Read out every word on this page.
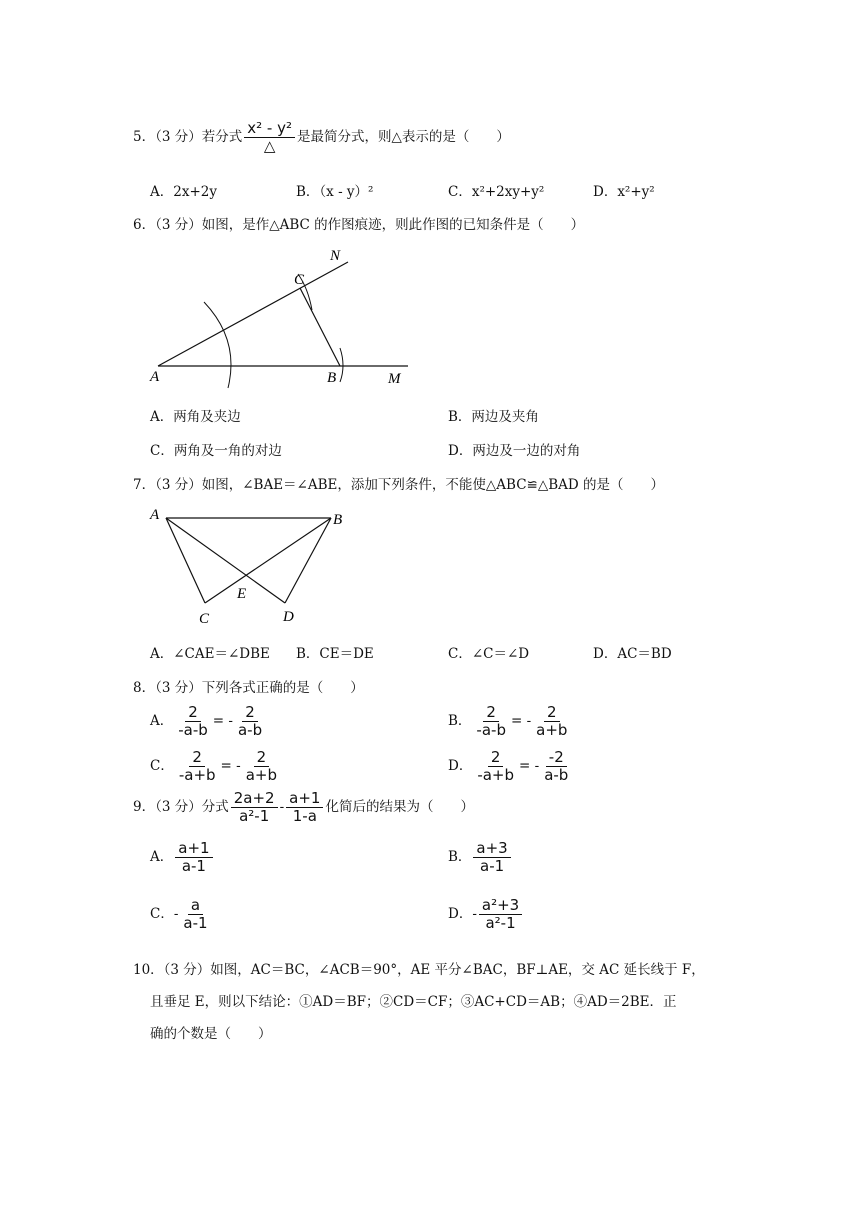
5．（3 分）若分式 $\frac{\text{x² - y²}}{\triangle}$ 是最简分式，则△表示的是（　　）
A．2x+2y	B．（x - y）²	C．x²+2xy+y²	D．x²+y²
6．（3 分）如图，是作△ABC 的作图痕迹，则此作图的已知条件是（　　）
N
C
A	B	M
A．两角及夹边	B．两边及夹角
C．两角及一角的对边	D．两边及一边的对角
7．（3 分）如图，∠BAE＝∠ABE，添加下列条件，不能使△ABC≌△BAD 的是（　　）
A	B
E
C	D
A．∠CAE＝∠DBE B．CE＝DE	C．∠C＝∠D	D．AC＝BD
8．（3 分）下列各式正确的是（　　）
A． $\frac{2}{-a-b}$ = - $\frac{2}{a-b}$	B． $\frac{2}{-a-b}$ = - $\frac{2}{a+b}$
C． $\frac{2}{-a+b}$ = - $\frac{2}{a+b}$	D． $\frac{2}{-a+b}$ = - $\frac{-2}{a-b}$
9．（3 分）分式 $\frac{2a+2}{\text{a²-1}} - \frac{a+1}{1-a}$ 化简后的结果为（　　）
A． $\frac{a+1}{a-1}$	B． $\frac{a+3}{a-1}$
C．- $\frac{a}{a-1}$	D．- $\frac{\text{a²+3}}{\text{a²-1}}$
10．（3 分）如图，AC＝BC，∠ACB＝90°，AE 平分∠BAC，BF⊥AE，交 AC 延长线于 F，
且垂足 E，则以下结论：①AD＝BF；②CD＝CF；③AC+CD＝AB；④AD＝2BE．正
确的个数是（　　）
